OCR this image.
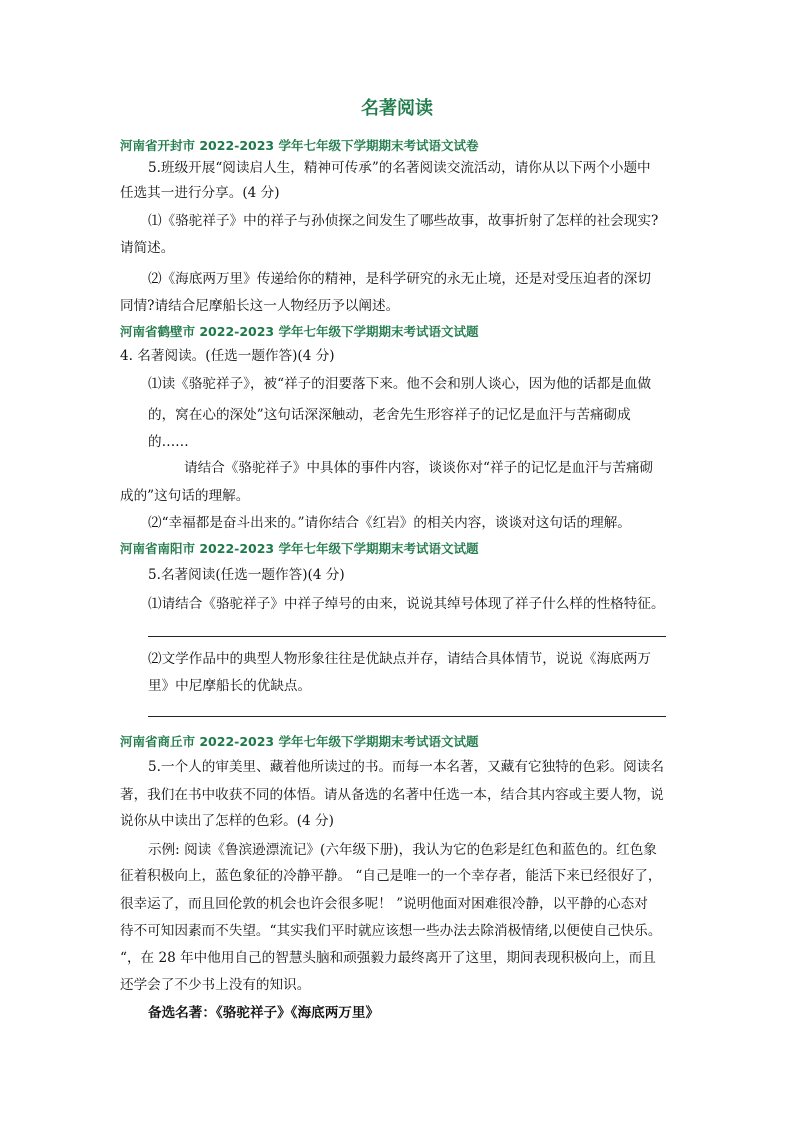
名著阅读
河南省开封市 2022-2023 学年七年级下学期期末考试语文试卷
5.班级开展“阅读启人生，精神可传承”的名著阅读交流活动，请你从以下两个小题中
任选其一进行分享。(4 分)
⑴《骆驼祥子》中的祥子与孙侦探之间发生了哪些故事，故事折射了怎样的社会现实?
请简述。
⑵《海底两万里》传递给你的精神，是科学研究的永无止境，还是对受压迫者的深切
同情?请结合尼摩船长这一人物经历予以阐述。
河南省鹤壁市 2022-2023 学年七年级下学期期末考试语文试题
4. 名著阅读。(任选一题作答)(4 分)
⑴读《骆驼祥子》，被“祥子的泪要落下来。他不会和别人谈心，因为他的话都是血做
的，窝在心的深处”这句话深深触动，老舍先生形容祥子的记忆是血汗与苦痛砌成
的……
请结合《骆驼祥子》中具体的事件内容，谈谈你对“祥子的记忆是血汗与苦痛砌
成的”这句话的理解。
⑵“幸福都是奋斗出来的。”请你结合《红岩》的相关内容，谈谈对这句话的理解。
河南省南阳市 2022-2023 学年七年级下学期期末考试语文试题
5.名著阅读(任选一题作答)(4 分)
⑴请结合《骆驼祥子》中祥子绰号的由来，说说其绰号体现了祥子什么样的性格特征。
⑵文学作品中的典型人物形象往往是优缺点并存，请结合具体情节，说说《海底两万
里》中尼摩船长的优缺点。
河南省商丘市 2022-2023 学年七年级下学期期末考试语文试题
5.一个人的审美里、藏着他所读过的书。而每一本名著，又藏有它独特的色彩。阅读名
著，我们在书中收获不同的体悟。请从备选的名著中任选一本，结合其内容或主要人物，说
说你从中读出了怎样的色彩。(4 分)
示例: 阅读《鲁滨逊漂流记》(六年级下册)，我认为它的色彩是红色和蓝色的。红色象
征着积极向上，蓝色象征的冷静平静。 “自己是唯一的一个幸存者，能活下来已经很好了，
很幸运了，而且回伦敦的机会也许会很多呢！ ”说明他面对困难很冷静，以平静的心态对
待不可知因素而不失望。“其实我们平时就应该想一些办法去除消极情绪,以便使自己快乐。
“，在 28 年中他用自己的智慧头脑和顽强毅力最终离开了这里，期间表现积极向上，而且
还学会了不少书上没有的知识。
备选名著：《骆驼祥子》《海底两万里》
